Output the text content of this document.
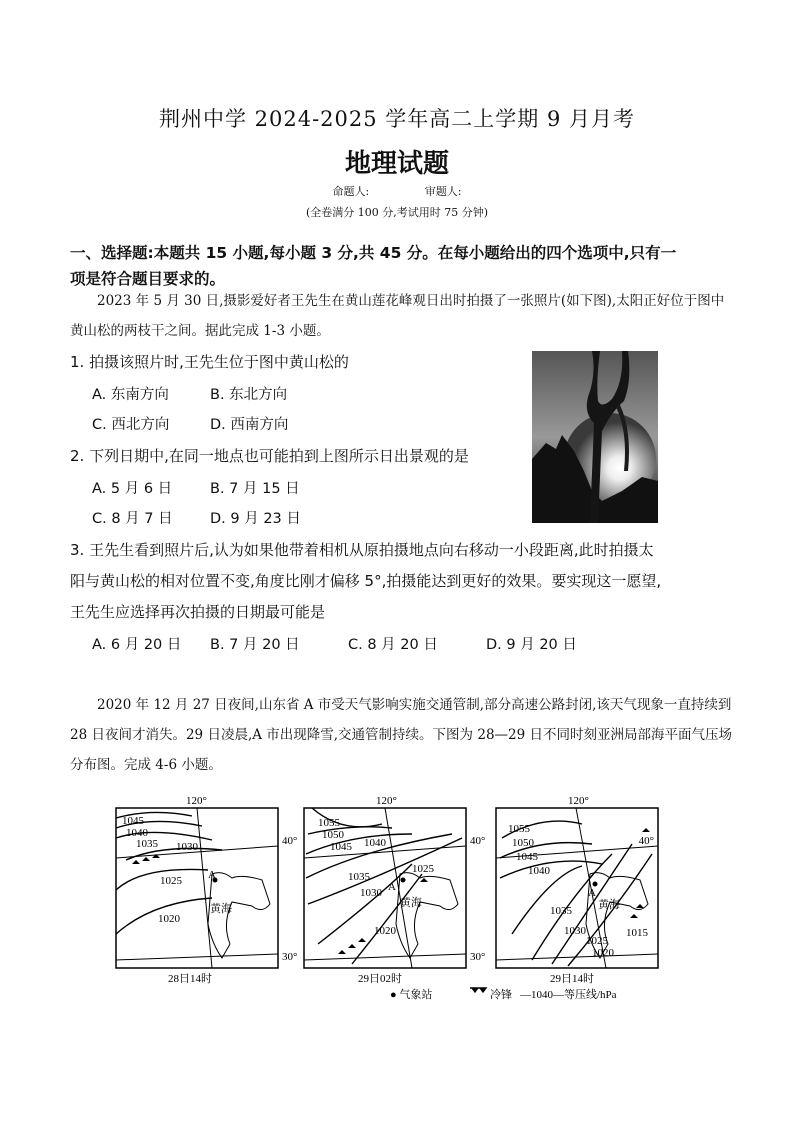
荆州中学 2024-2025 学年高二上学期 9 月月考
地理试题
命题人:	审题人:
(全卷满分 100 分,考试用时 75 分钟)
一、选择题:本题共 15 小题,每小题 3 分,共 45 分。在每小题给出的四个选项中,只有一
项是符合题目要求的。
2023 年 5 月 30 日,摄影爱好者王先生在黄山莲花峰观日出时拍摄了一张照片(如下图),太阳正好位于图中黄山松的两枝干之间。据此完成 1-3 小题。
1. 拍摄该照片时,王先生位于图中黄山松的
A. 东南方向	B. 东北方向
C. 西北方向	D. 西南方向
2. 下列日期中,在同一地点也可能拍到上图所示日出景观的是
A. 5 月 6 日	B. 7 月 15 日
C. 8 月 7 日	D. 9 月 23 日
3. 王先生看到照片后,认为如果他带着相机从原拍摄地点向右移动一小段距离,此时拍摄太
阳与黄山松的相对位置不变,角度比刚才偏移 5°,拍摄能达到更好的效果。要实现这一愿望,
王先生应选择再次拍摄的日期最可能是
A. 6 月 20 日 B. 7 月 20 日	C. 8 月 20 日	D. 9 月 20 日
2020 年 12 月 27 日夜间,山东省 A 市受天气影响实施交通管制,部分高速公路封闭,该天气现象一直持续到 28 日夜间才消失。29 日凌晨,A 市出现降雪,交通管制持续。下图为 28—29 日不同时刻亚洲局部海平面气压场分布图。完成 4-6 小题。
1045
1040
1035 1030
1025
1020
A
黄海
28日14时
1055
1050
1045 1040
1035
1030
1025
1020
A
黄海
29日02时
1055
1050
1045
1040
1035
1030
1025
1020
1015
A
黄海
29日14时
120°	120°	120°
40°	40°	40°
30°	30°
● 气象站	冷锋 —1040—等压线/hPa
